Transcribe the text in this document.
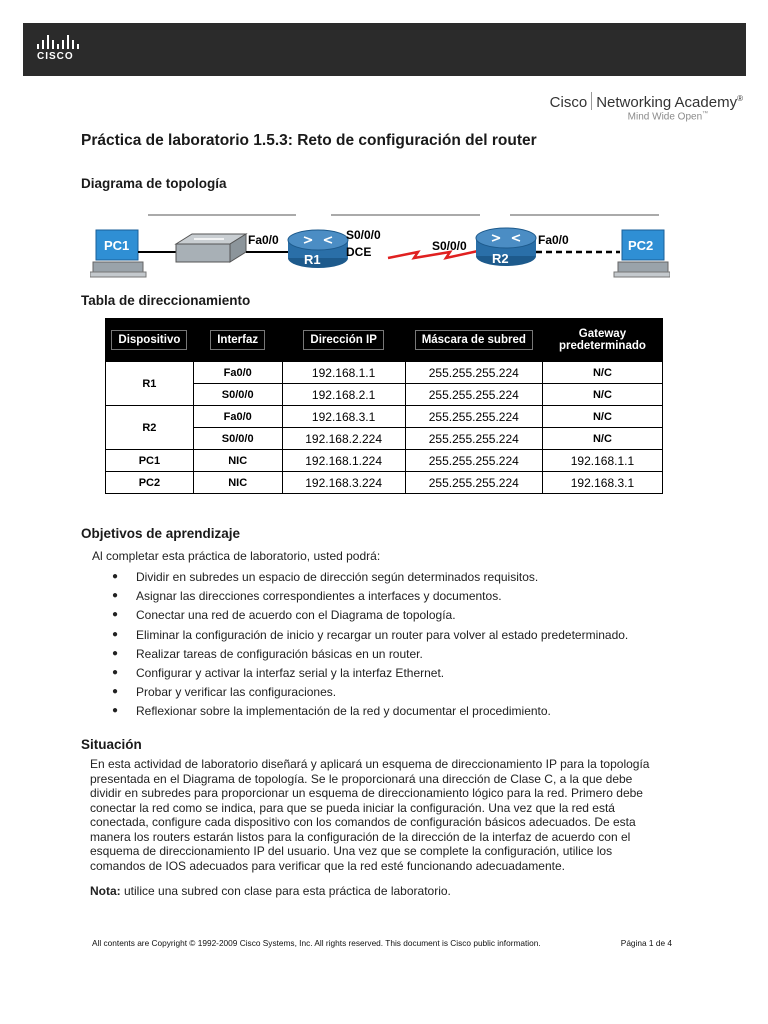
CISCO
Cisco Networking Academy®
Mind Wide Open™
Práctica de laboratorio 1.5.3: Reto de configuración del router
Diagrama de topología
PC1	Fa0/0
R1
S0/0/0
DCE	S0/0/0
R2
Fa0/0	PC2
Tabla de direccionamiento
Dispositivo	Interfaz	Dirección IP	Máscara de subred	Gateway predeterminado
R1	Fa0/0	192.168.1.1	255.255.255.224	N/C
	S0/0/0	192.168.2.1	255.255.255.224	N/C
R2	Fa0/0	192.168.3.1	255.255.255.224	N/C
	S0/0/0	192.168.2.224	255.255.255.224	N/C
PC1	NIC	192.168.1.224	255.255.255.224	192.168.1.1
PC2	NIC	192.168.3.224	255.255.255.224	192.168.3.1
Objetivos de aprendizaje
Al completar esta práctica de laboratorio, usted podrá:
● Dividir en subredes un espacio de dirección según determinados requisitos.
● Asignar las direcciones correspondientes a interfaces y documentos.
● Conectar una red de acuerdo con el Diagrama de topología.
● Eliminar la configuración de inicio y recargar un router para volver al estado predeterminado.
● Realizar tareas de configuración básicas en un router.
● Configurar y activar la interfaz serial y la interfaz Ethernet.
● Probar y verificar las configuraciones.
● Reflexionar sobre la implementación de la red y documentar el procedimiento.
Situación

En esta actividad de laboratorio diseñará y aplicará un esquema de direccionamiento IP para la topología
presentada en el Diagrama de topología. Se le proporcionará una dirección de Clase C, a la que debe
dividir en subredes para proporcionar un esquema de direccionamiento lógico para la red. Primero debe
conectar la red como se indica, para que se pueda iniciar la configuración. Una vez que la red está
conectada, configure cada dispositivo con los comandos de configuración básicos adecuados. De esta
manera los routers estarán listos para la configuración de la dirección de la interfaz de acuerdo con el
esquema de direccionamiento IP del usuario. Una vez que se complete la configuración, utilice los
comandos de IOS adecuados para verificar que la red esté funcionando adecuadamente.

Nota: utilice una subred con clase para esta práctica de laboratorio.
All contents are Copyright © 1992-2009 Cisco Systems, Inc. All rights reserved. This document is Cisco public information.	Página 1 de 4
